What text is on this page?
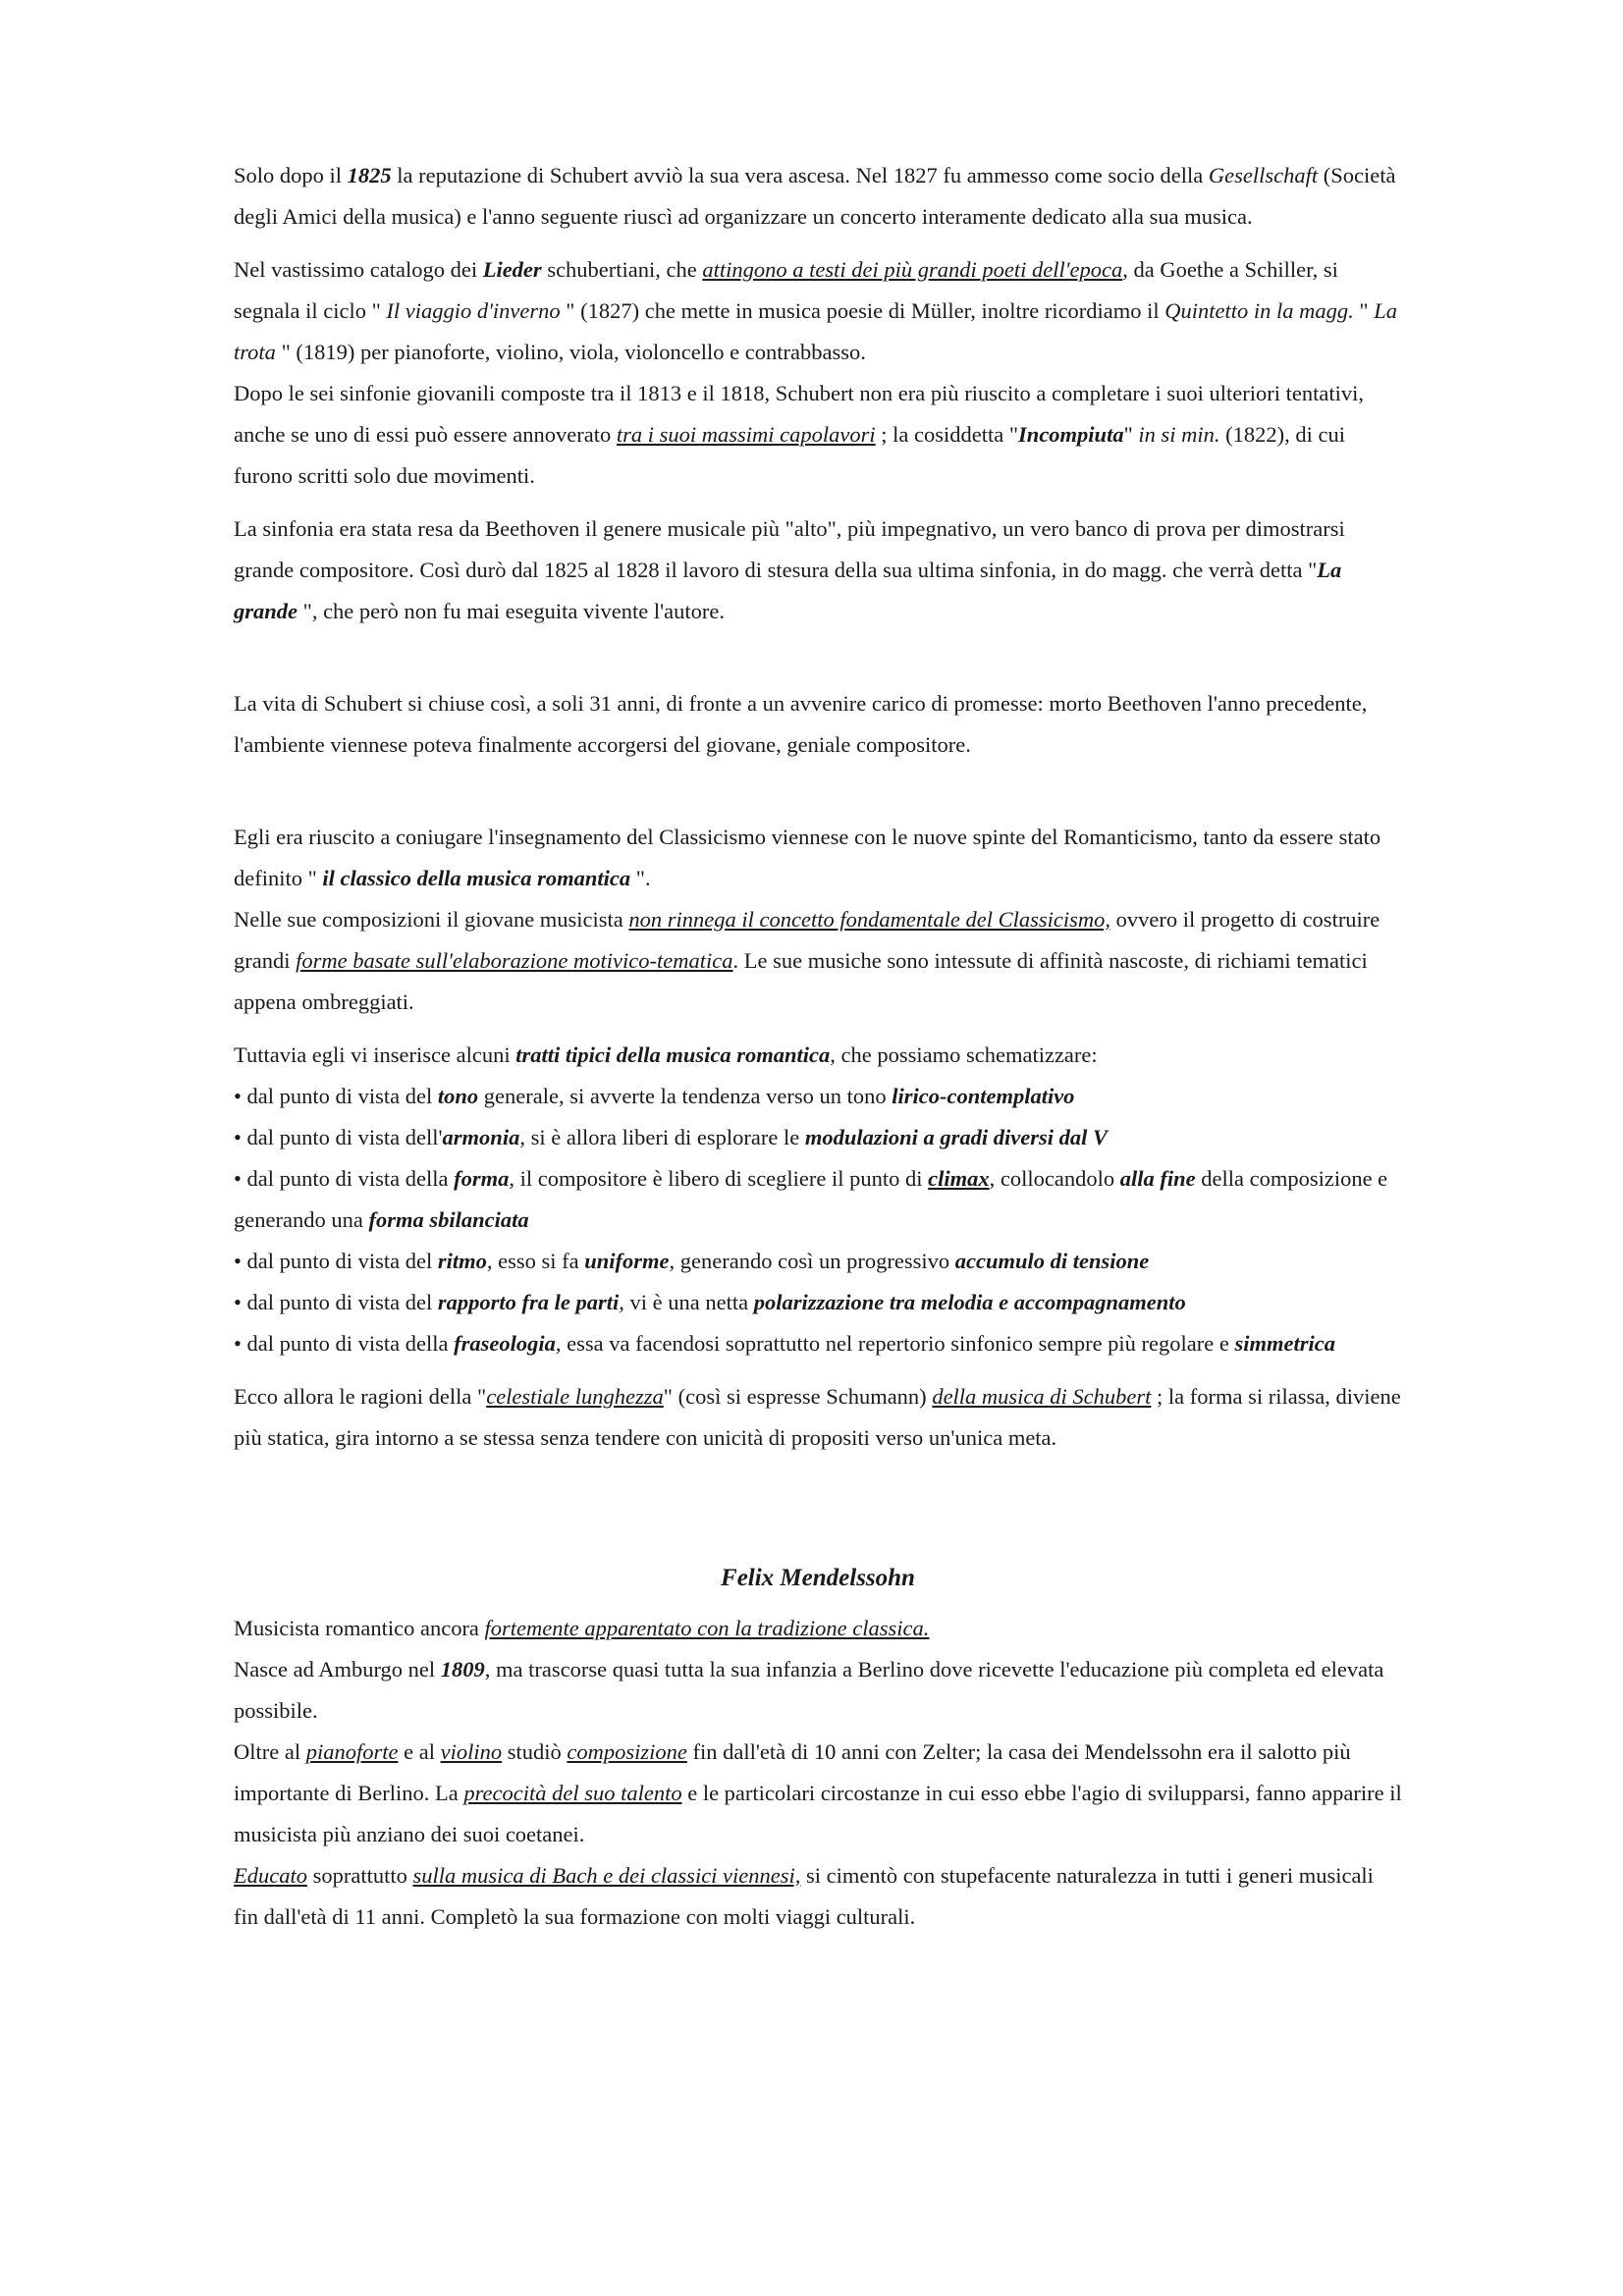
Solo dopo il 1825 la reputazione di Schubert avviò la sua vera ascesa. Nel 1827 fu ammesso come socio della Gesellschaft (Società degli Amici della musica) e l'anno seguente riuscì ad organizzare un concerto interamente dedicato alla sua musica.

Nel vastissimo catalogo dei Lieder schubertiani, che attingono a testi dei più grandi poeti dell'epoca, da Goethe a Schiller, si segnala il ciclo " Il viaggio d'inverno " (1827) che mette in musica poesie di Müller, inoltre ricordiamo il Quintetto in la magg. " La trota " (1819) per pianoforte, violino, viola, violoncello e contrabbasso.

Dopo le sei sinfonie giovanili composte tra il 1813 e il 1818, Schubert non era più riuscito a completare i suoi ulteriori tentativi, anche se uno di essi può essere annoverato tra i suoi massimi capolavori ; la cosiddetta "Incompiuta" in si min. (1822), di cui furono scritti solo due movimenti.

La sinfonia era stata resa da Beethoven il genere musicale più "alto", più impegnativo, un vero banco di prova per dimostrarsi grande compositore. Così durò dal 1825 al 1828 il lavoro di stesura della sua ultima sinfonia, in do magg. che verrà detta "La grande ", che però non fu mai eseguita vivente l'autore.

La vita di Schubert si chiuse così, a soli 31 anni, di fronte a un avvenire carico di promesse: morto Beethoven l'anno precedente, l'ambiente viennese poteva finalmente accorgersi del giovane, geniale compositore.

Egli era riuscito a coniugare l'insegnamento del Classicismo viennese con le nuove spinte del Romanticismo, tanto da essere stato definito " il classico della musica romantica ".

Nelle sue composizioni il giovane musicista non rinnega il concetto fondamentale del Classicismo, ovvero il progetto di costruire grandi forme basate sull'elaborazione motivico-tematica. Le sue musiche sono intessute di affinità nascoste, di richiami tematici appena ombreggiati.

Tuttavia egli vi inserisce alcuni tratti tipici della musica romantica, che possiamo schematizzare:

• dal punto di vista del tono generale, si avverte la tendenza verso un tono lirico-contemplativo

• dal punto di vista dell'armonia, si è allora liberi di esplorare le modulazioni a gradi diversi dal V

• dal punto di vista della forma, il compositore è libero di scegliere il punto di climax, collocandolo alla fine della composizione e generando una forma sbilanciata

• dal punto di vista del ritmo, esso si fa uniforme, generando così un progressivo accumulo di tensione

• dal punto di vista del rapporto fra le parti, vi è una netta polarizzazione tra melodia e accompagnamento

• dal punto di vista della fraseologia, essa va facendosi soprattutto nel repertorio sinfonico sempre più regolare e simmetrica

Ecco allora le ragioni della "celestiale lunghezza" (così si espresse Schumann) della musica di Schubert ; la forma si rilassa, diviene più statica, gira intorno a se stessa senza tendere con unicità di propositi verso un'unica meta.

Felix Mendelssohn

Musicista romantico ancora fortemente apparentato con la tradizione classica.

Nasce ad Amburgo nel 1809, ma trascorse quasi tutta la sua infanzia a Berlino dove ricevette l'educazione più completa ed elevata possibile.

Oltre al pianoforte e al violino studiò composizione fin dall'età di 10 anni con Zelter; la casa dei Mendelssohn era il salotto più importante di Berlino. La precocità del suo talento e le particolari circostanze in cui esso ebbe l'agio di svilupparsi, fanno apparire il musicista più anziano dei suoi coetanei.

Educato soprattutto sulla musica di Bach e dei classici viennesi, si cimentò con stupefacente naturalezza in tutti i generi musicali fin dall'età di 11 anni. Completò la sua formazione con molti viaggi culturali.
